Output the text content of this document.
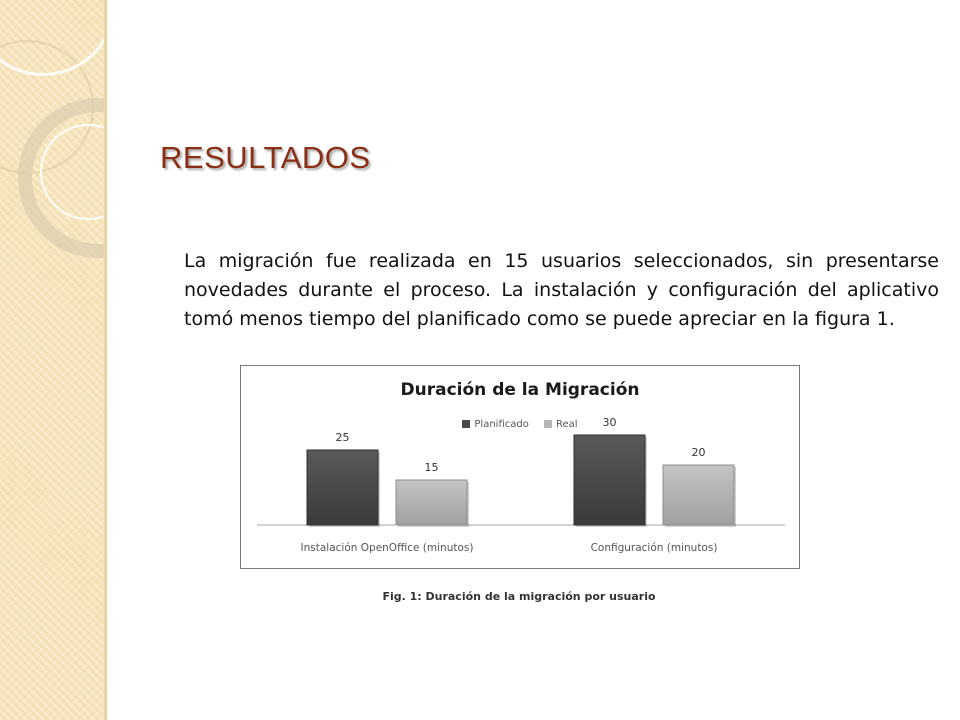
RESULTADOS

La migración fue realizada en 15 usuarios seleccionados, sin presentarse novedades durante el proceso. La instalación y configuración del aplicativo tomó menos tiempo del planificado como se puede apreciar en la figura 1.

Duración de la Migración
Planificado	Real
25
15
Instalación OpenOffice (minutos)
30
20
Configuración (minutos)
Fig. 1: Duración de la migración por usuario
